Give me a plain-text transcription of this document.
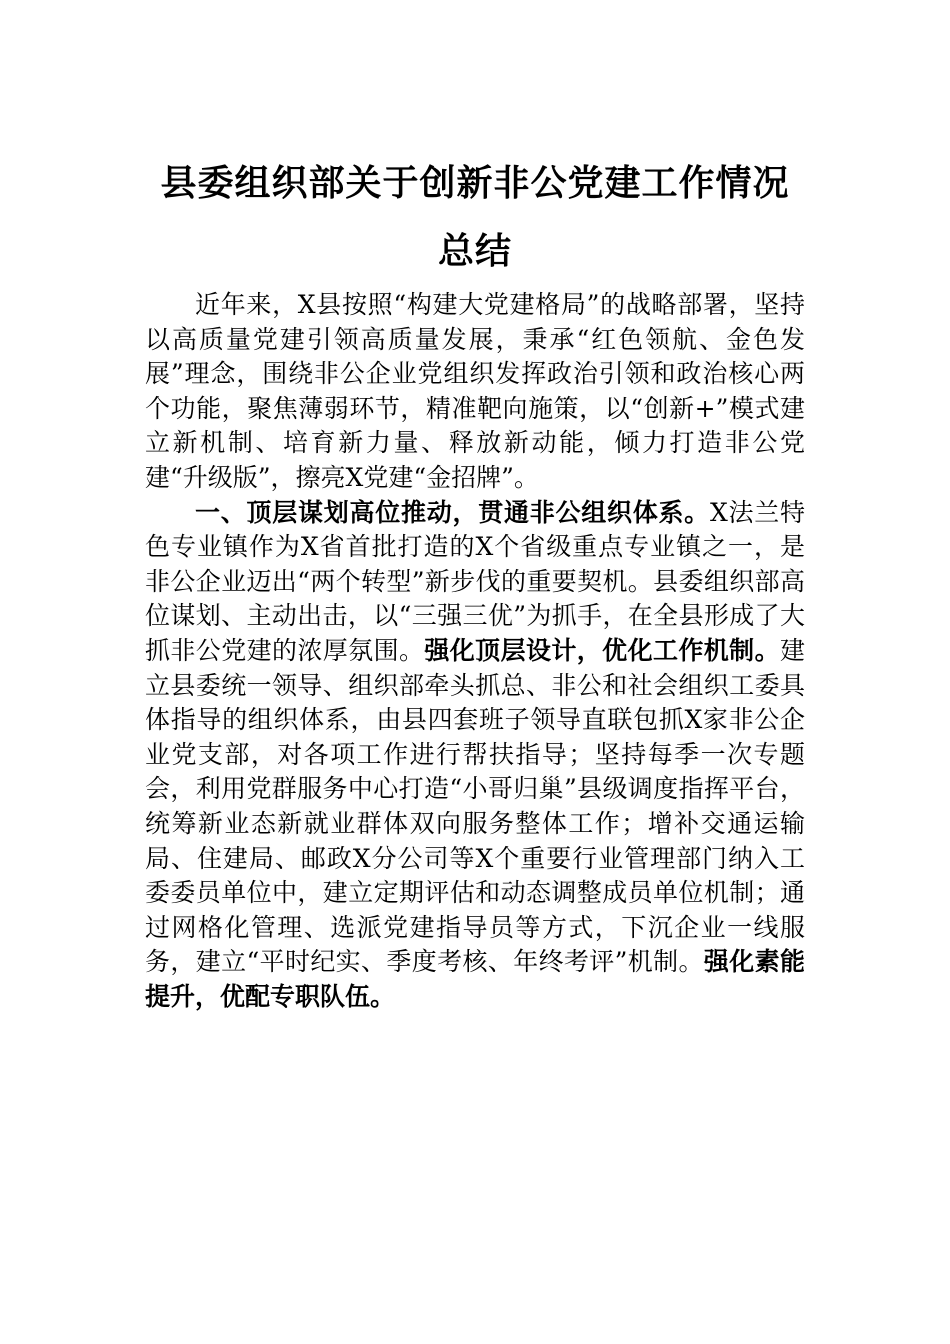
县委组织部关于创新非公党建工作情况总结

近年来，X县按照“构建大党建格局”的战略部署，坚持以高质量党建引领高质量发展，秉承“红色领航、金色发展”理念，围绕非公企业党组织发挥政治引领和政治核心两个功能，聚焦薄弱环节，精准靶向施策，以“创新+”模式建立新机制、培育新力量、释放新动能，倾力打造非公党建“升级版”，擦亮X党建“金招牌”。

一、顶层谋划高位推动，贯通非公组织体系。X法兰特色专业镇作为X省首批打造的X个省级重点专业镇之一，是非公企业迈出“两个转型”新步伐的重要契机。县委组织部高位谋划、主动出击，以“三强三优”为抓手，在全县形成了大抓非公党建的浓厚氛围。强化顶层设计，优化工作机制。建立县委统一领导、组织部牵头抓总、非公和社会组织工委具体指导的组织体系，由县四套班子领导直联包抓X家非公企业党支部，对各项工作进行帮扶指导；坚持每季一次专题会，利用党群服务中心打造“小哥归巢”县级调度指挥平台，统筹新业态新就业群体双向服务整体工作；增补交通运输局、住建局、邮政X分公司等X个重要行业管理部门纳入工委委员单位中，建立定期评估和动态调整成员单位机制；通过网格化管理、选派党建指导员等方式，下沉企业一线服务，建立“平时纪实、季度考核、年终考评”机制。强化素能提升，优配专职队伍。
